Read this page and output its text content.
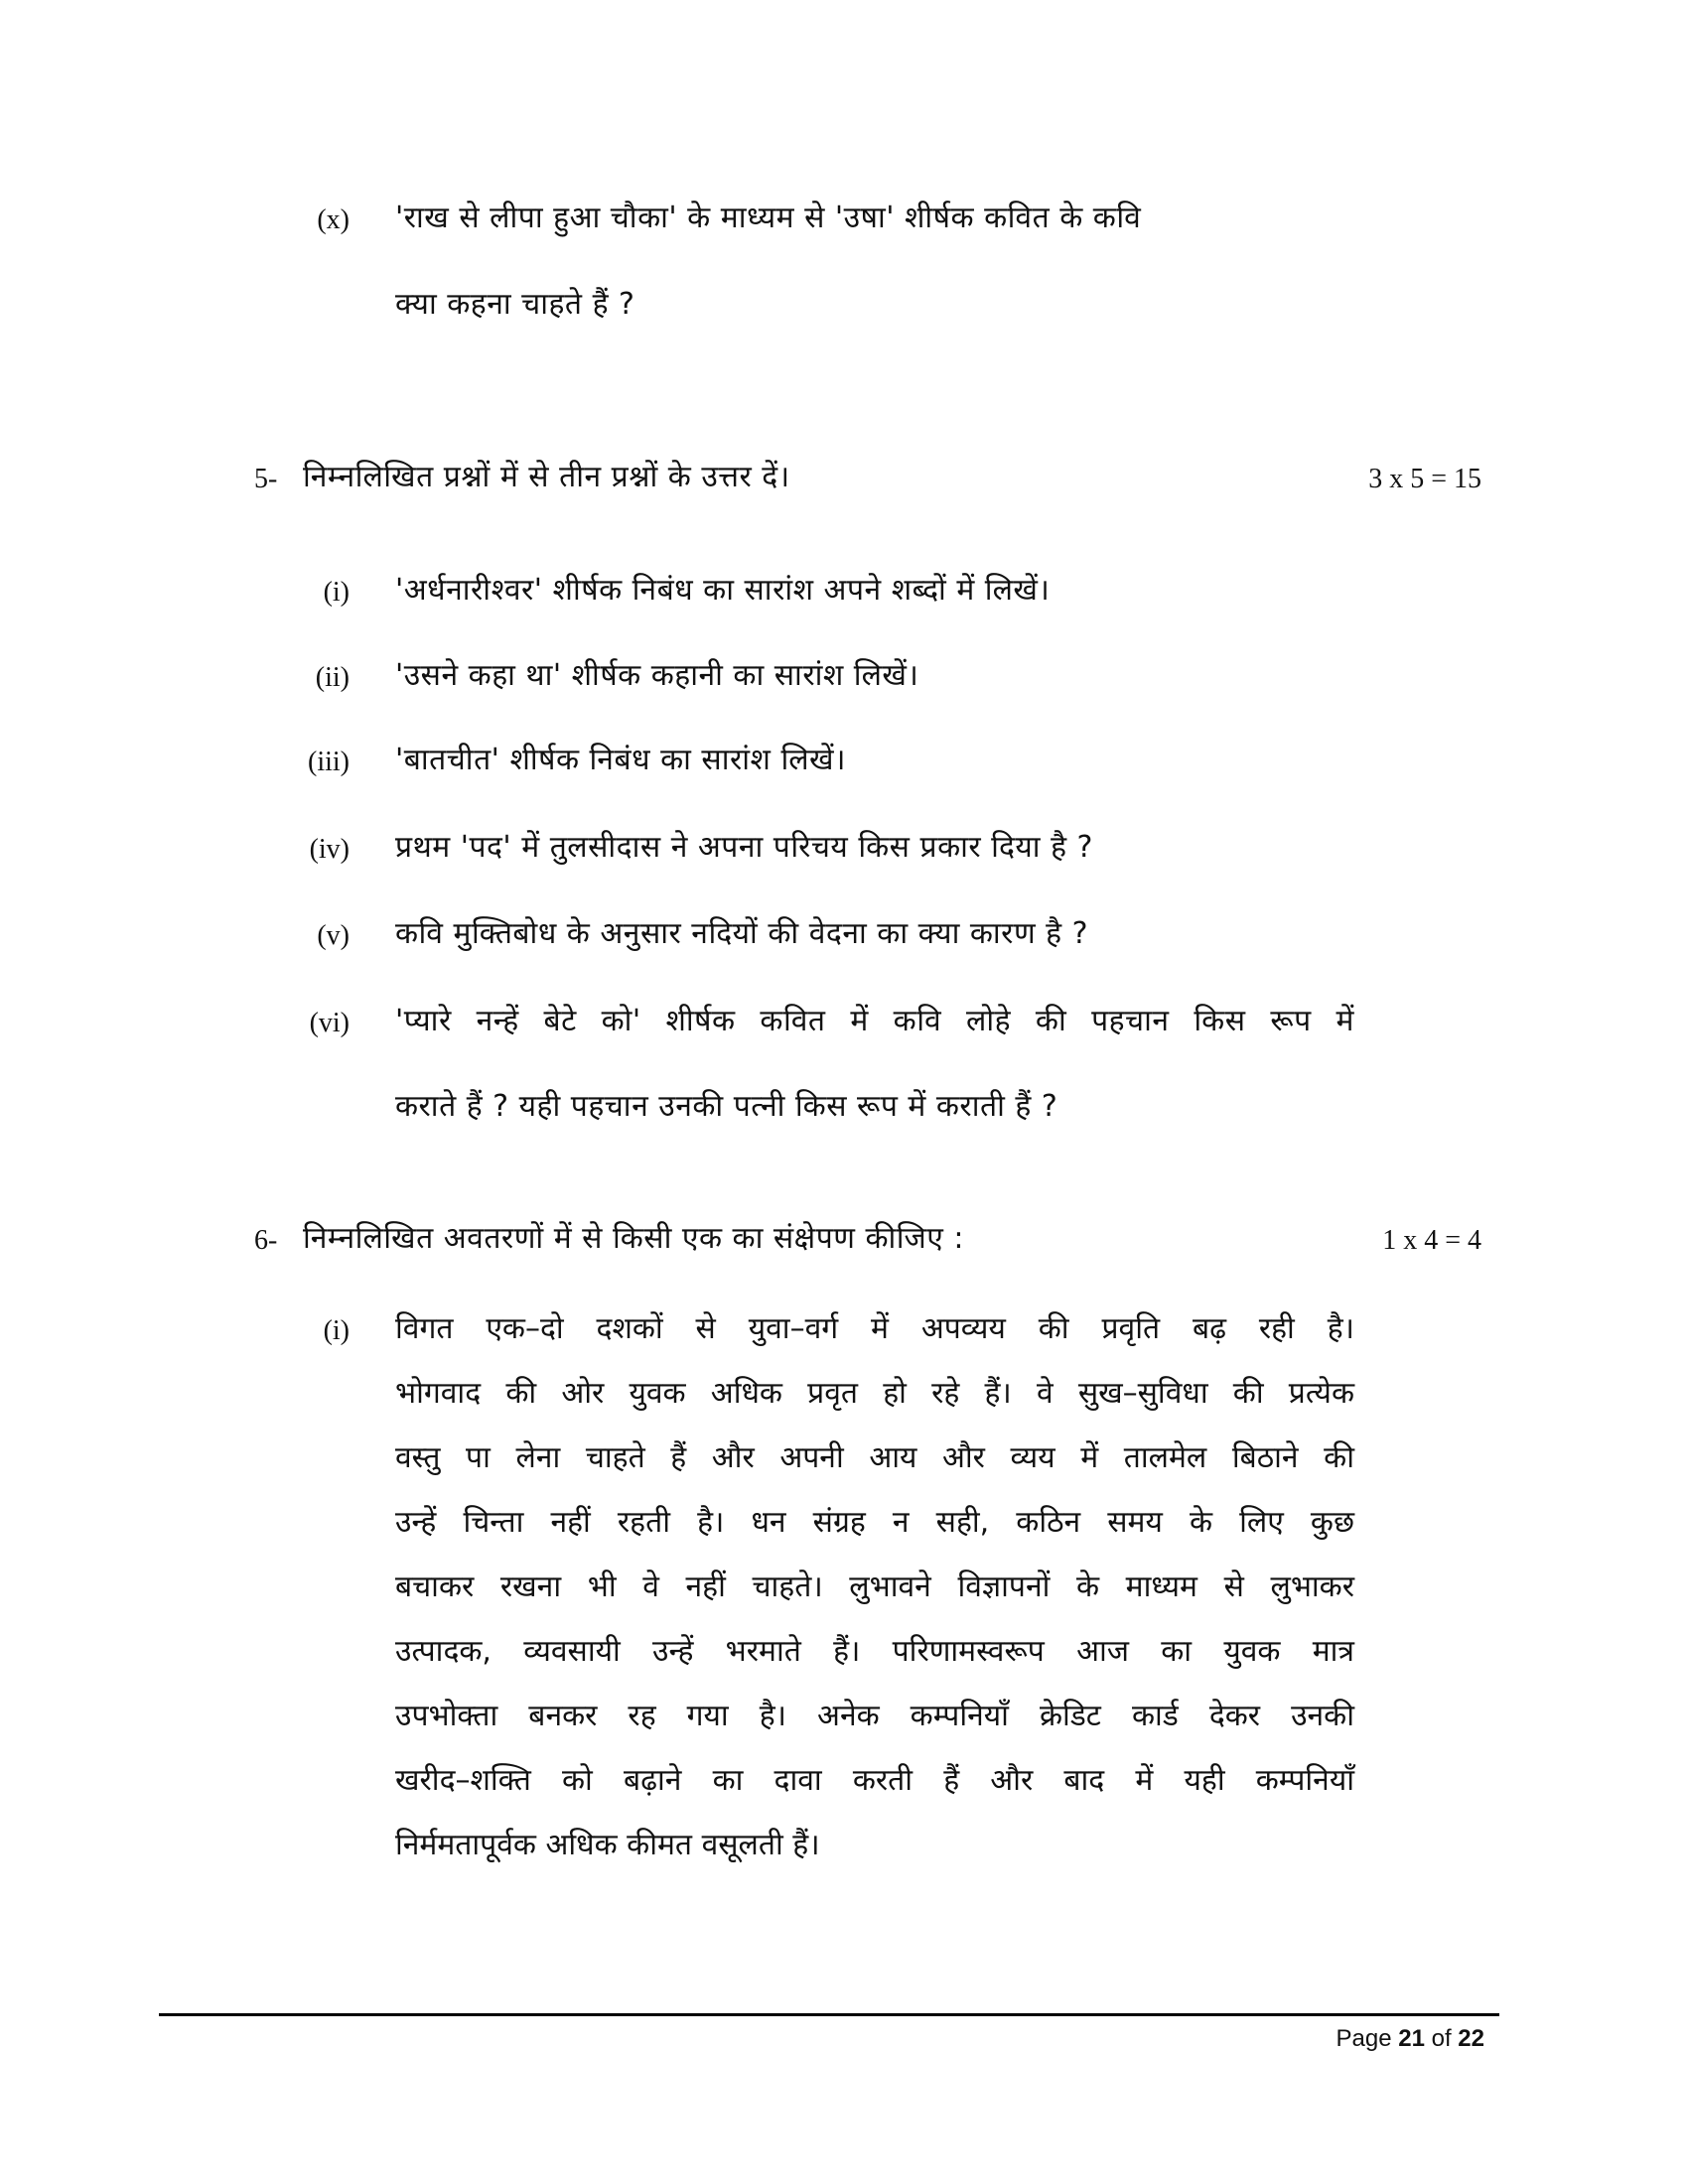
(x) 'राख से लीपा हुआ चौका' के माध्यम से 'उषा' शीर्षक कवित के कवि
क्या कहना चाहते हैं ?
5- निम्नलिखित प्रश्नों में से तीन प्रश्नों के उत्तर दें।	3 x 5 = 15
(i) 'अर्धनारीश्वर' शीर्षक निबंध का सारांश अपने शब्दों में लिखें।
(ii) 'उसने कहा था' शीर्षक कहानी का सारांश लिखें।
(iii) 'बातचीत' शीर्षक निबंध का सारांश लिखें।
(iv) प्रथम 'पद' में तुलसीदास ने अपना परिचय किस प्रकार दिया है ?
(v) कवि मुक्तिबोध के अनुसार नदियों की वेदना का क्या कारण है ?
(vi) 'प्यारे नन्हें बेटे को' शीर्षक कवित में कवि लोहे की पहचान किस रूप में
कराते हैं ? यही पहचान उनकी पत्नी किस रूप में कराती हैं ?
6- निम्नलिखित अवतरणों में से किसी एक का संक्षेपण कीजिए :	1 x 4 = 4
(i) विगत एक–दो दशकों से युवा–वर्ग में अपव्यय की प्रवृति बढ़ रही है।
भोगवाद की ओर युवक अधिक प्रवृत हो रहे हैं। वे सुख–सुविधा की प्रत्येक
वस्तु पा लेना चाहते हैं और अपनी आय और व्यय में तालमेल बिठाने की
उन्हें चिन्ता नहीं रहती है। धन संग्रह न सही, कठिन समय के लिए कुछ
बचाकर रखना भी वे नहीं चाहते। लुभावने विज्ञापनों के माध्यम से लुभाकर
उत्पादक, व्यवसायी उन्हें भरमाते हैं। परिणामस्वरूप आज का युवक मात्र
उपभोक्ता बनकर रह गया है। अनेक कम्पनियाँ क्रेडिट कार्ड देकर उनकी
खरीद–शक्ति को बढ़ाने का दावा करती हैं और बाद में यही कम्पनियाँ
निर्ममतापूर्वक अधिक कीमत वसूलती हैं।
Page 21 of 22
